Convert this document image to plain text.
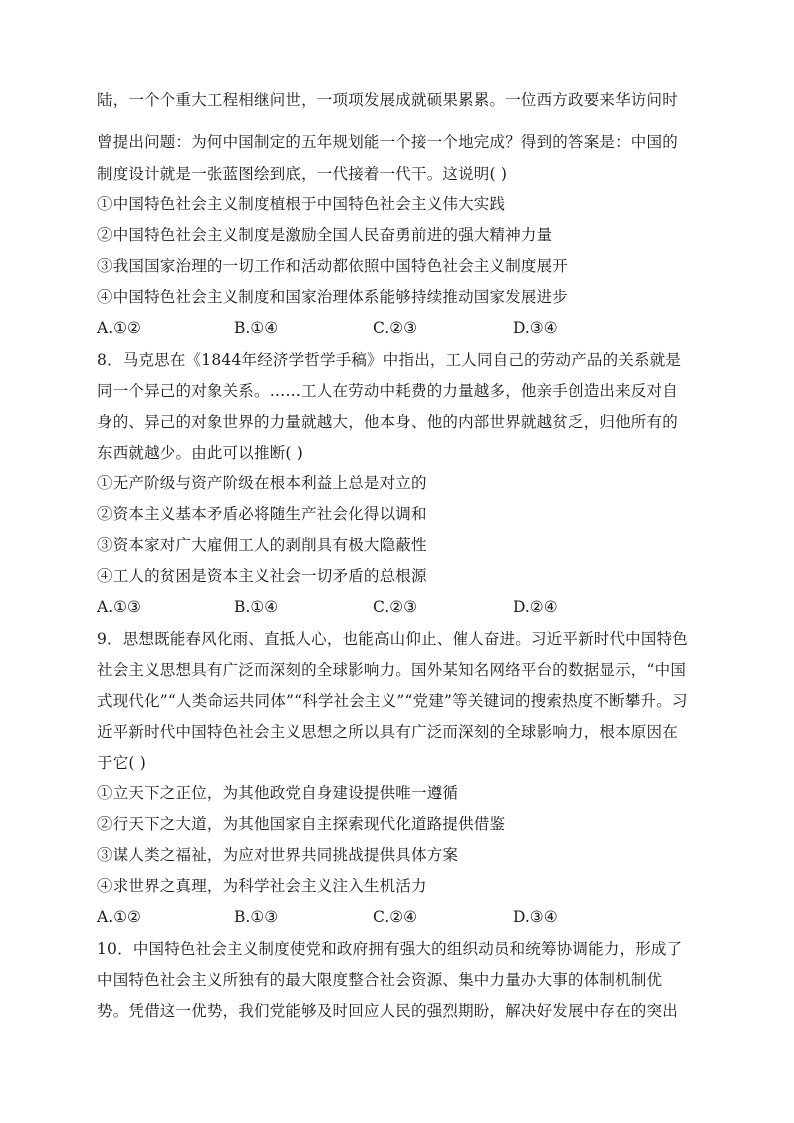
陆，一个个重大工程相继问世，一项项发展成就硕果累累。一位西方政要来华访问时
曾提出问题：为何中国制定的五年规划能一个接一个地完成？得到的答案是：中国的
制度设计就是一张蓝图绘到底，一代接着一代干。这说明( )
①中国特色社会主义制度植根于中国特色社会主义伟大实践
②中国特色社会主义制度是激励全国人民奋勇前进的强大精神力量
③我国国家治理的一切工作和活动都依照中国特色社会主义制度展开
④中国特色社会主义制度和国家治理体系能够持续推动国家发展进步
A.①②	B.①④	C.②③	D.③④
8．马克思在《1844年经济学哲学手稿》中指出，工人同自己的劳动产品的关系就是
同一个异己的对象关系。……工人在劳动中耗费的力量越多，他亲手创造出来反对自
身的、异己的对象世界的力量就越大，他本身、他的内部世界就越贫乏，归他所有的
东西就越少。由此可以推断( )
①无产阶级与资产阶级在根本利益上总是对立的
②资本主义基本矛盾必将随生产社会化得以调和
③资本家对广大雇佣工人的剥削具有极大隐蔽性
④工人的贫困是资本主义社会一切矛盾的总根源
A.①③	B.①④	C.②③	D.②④
9．思想既能春风化雨、直抵人心，也能高山仰止、催人奋进。习近平新时代中国特色
社会主义思想具有广泛而深刻的全球影响力。国外某知名网络平台的数据显示，“中国
式现代化”“人类命运共同体”“科学社会主义”“党建”等关键词的搜索热度不断攀升。习
近平新时代中国特色社会主义思想之所以具有广泛而深刻的全球影响力，根本原因在
于它( )
①立天下之正位，为其他政党自身建设提供唯一遵循
②行天下之大道，为其他国家自主探索现代化道路提供借鉴
③谋人类之福祉，为应对世界共同挑战提供具体方案
④求世界之真理，为科学社会主义注入生机活力
A.①②	B.①③	C.②④	D.③④
10．中国特色社会主义制度使党和政府拥有强大的组织动员和统筹协调能力，形成了
中国特色社会主义所独有的最大限度整合社会资源、集中力量办大事的体制机制优
势。凭借这一优势，我们党能够及时回应人民的强烈期盼，解决好发展中存在的突出
